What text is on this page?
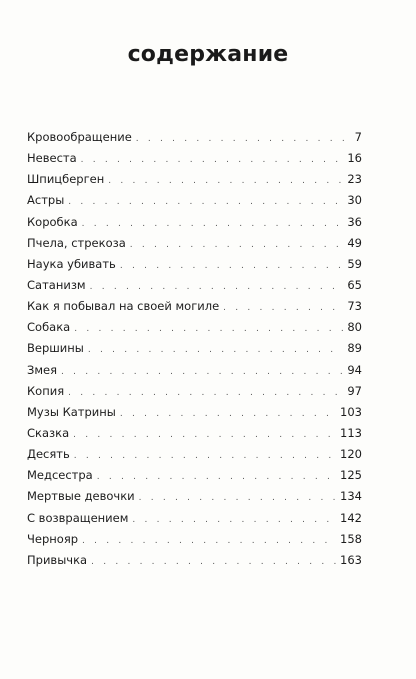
содержание
Кровообращение . . .	7
Невеста . . .	16
Шпицберген . . .	23
Астры . . .	30
Коробка . . .	36
Пчела, стрекоза . . .	49
Наука убивать . . .	59
Сатанизм . . .	65
Как я побывал на своей могиле . . .	73
Собака . . .	80
Вершины . . .	89
Змея . . .	94
Копия . . .	97
Музы Катрины . . .	103
Сказка . . .	113
Десять . . .	120
Медсестра . . .	125
Мертвые девочки . . .	134
С возвращением . . .	142
Чернояр . . .	158
Привычка . . .	163
